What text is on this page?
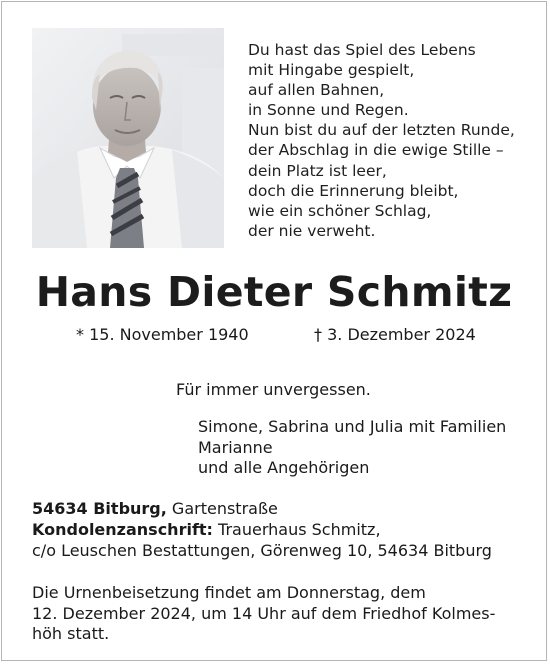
Du hast das Spiel des Lebens
mit Hingabe gespielt,
auf allen Bahnen,
in Sonne und Regen.
Nun bist du auf der letzten Runde,
der Abschlag in die ewige Stille –
dein Platz ist leer,
doch die Erinnerung bleibt,
wie ein schöner Schlag,
der nie verweht.
Hans Dieter Schmitz
* 15. November 1940	† 3. Dezember 2024
Für immer unvergessen.
Simone, Sabrina und Julia mit Familien
Marianne
und alle Angehörigen
54634 Bitburg, Gartenstraße
Kondolenzanschrift: Trauerhaus Schmitz,
c/o Leuschen Bestattungen, Görenweg 10, 54634 Bitburg
Die Urnenbeisetzung findet am Donnerstag, dem
12. Dezember 2024, um 14 Uhr auf dem Friedhof Kolmes-
höh statt.
